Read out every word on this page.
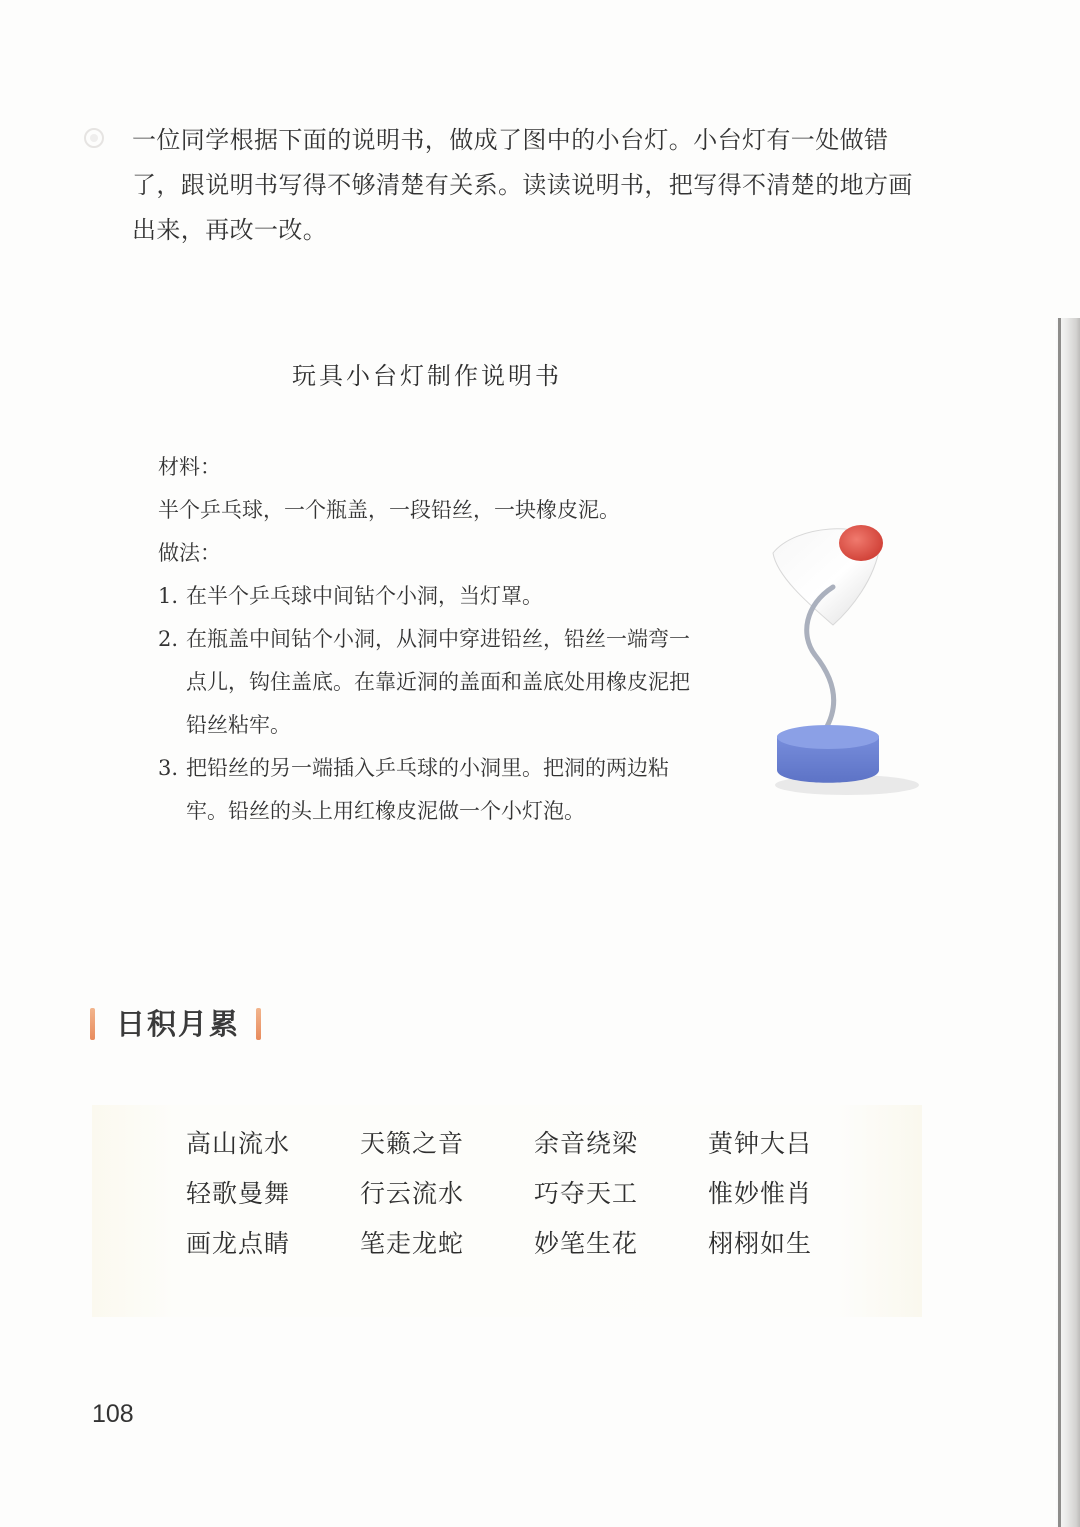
一位同学根据下面的说明书，做成了图中的小台灯。小台灯有一处做错了，跟说明书写得不够清楚有关系。读读说明书，把写得不清楚的地方画出来，再改一改。

玩具小台灯制作说明书

材料：

半个乒乓球，一个瓶盖，一段铅丝，一块橡皮泥。

做法：

1. 在半个乒乓球中间钻个小洞，当灯罩。
2. 在瓶盖中间钻个小洞，从洞中穿进铅丝，铅丝一端弯一点儿，钩住盖底。在靠近洞的盖面和盖底处用橡皮泥把铅丝粘牢。
3. 把铅丝的另一端插入乒乓球的小洞里。把洞的两边粘牢。铅丝的头上用红橡皮泥做一个小灯泡。
日积月累
高山流水	天籁之音	余音绕梁	黄钟大吕
轻歌曼舞	行云流水	巧夺天工	惟妙惟肖
画龙点睛	笔走龙蛇	妙笔生花	栩栩如生
108
